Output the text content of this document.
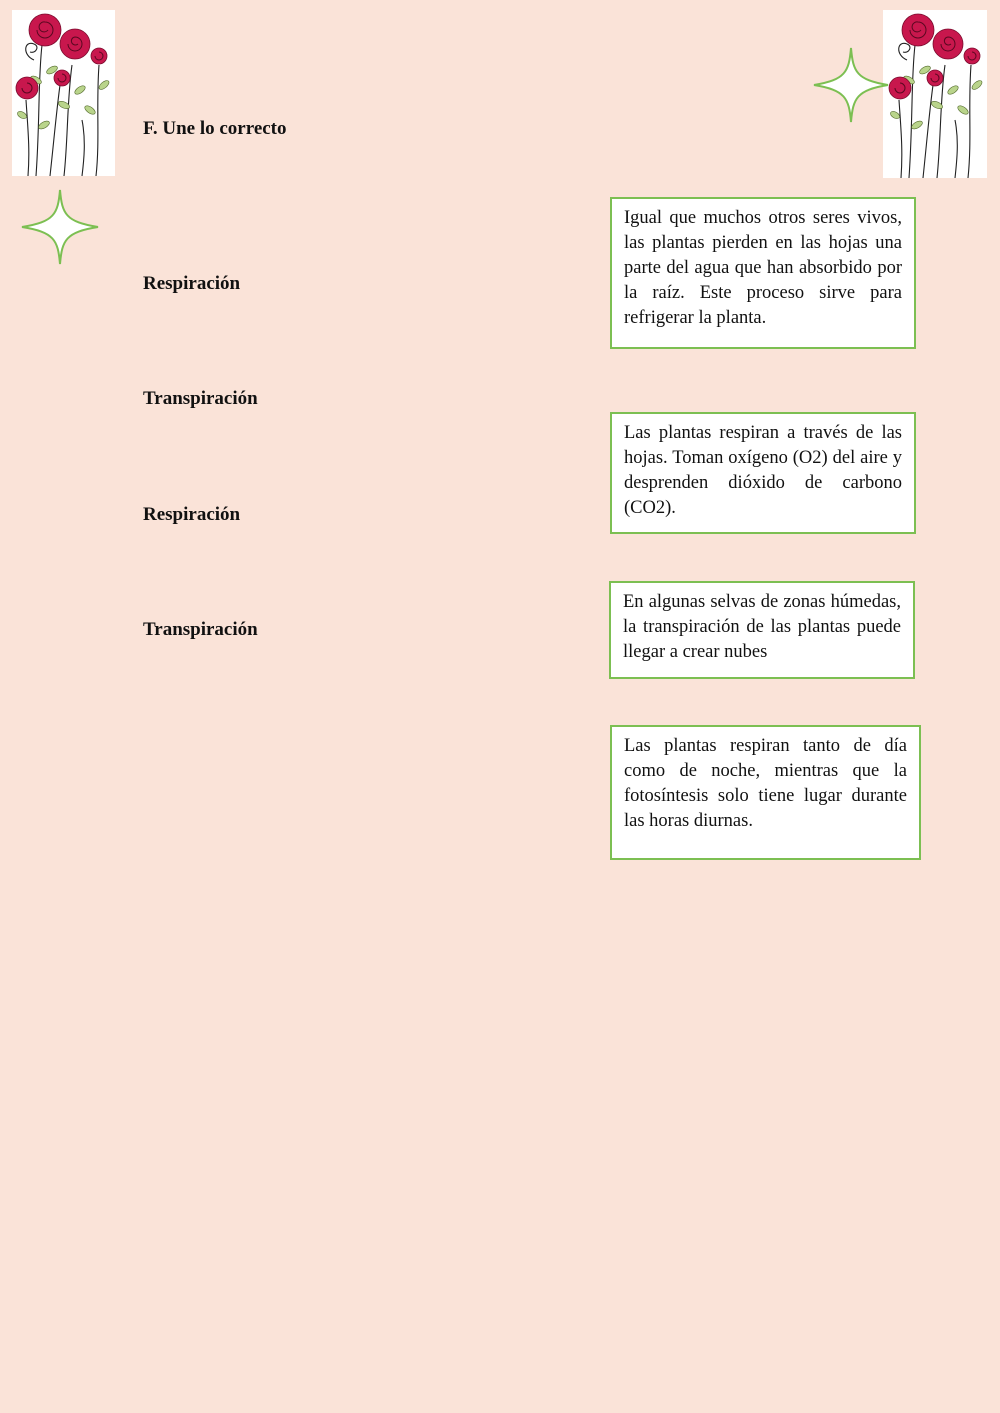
F. Une lo correcto
Respiración
Transpiración
Respiración
Transpiración
Igual que muchos otros seres vivos, las plantas pierden en las hojas una parte del agua que han absorbido por la raíz. Este proceso sirve para refrigerar la planta.
Las plantas respiran a través de las hojas. Toman oxígeno (O2) del aire y desprenden dióxido de carbono (CO2).
En algunas selvas de zonas húmedas, la transpiración de las plantas puede llegar a crear nubes
Las plantas respiran tanto de día como de noche, mientras que la fotosíntesis solo tiene lugar durante las horas diurnas.
